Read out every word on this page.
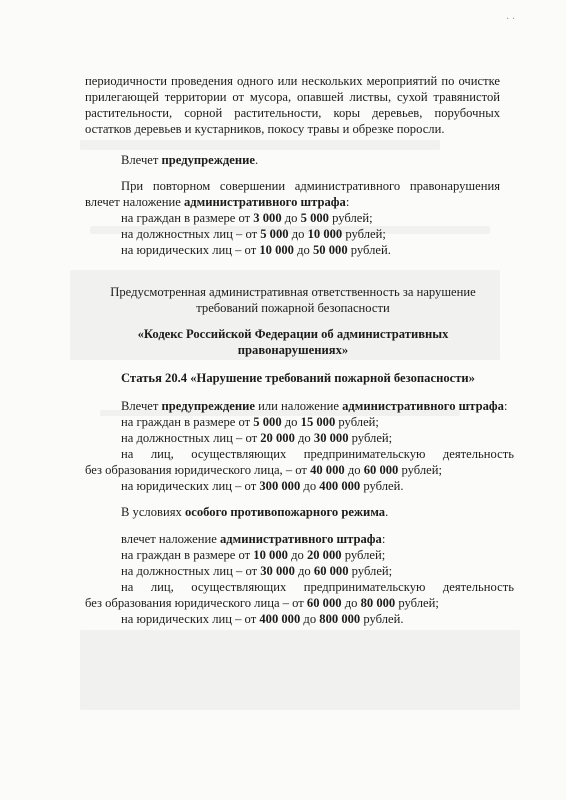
· ·
периодичности проведения одного или нескольких мероприятий по очистке
прилегающей территории от мусора, опавшей листвы, сухой травянистой
растительности, сорной растительности, коры деревьев, порубочных
остатков деревьев и кустарников, покосу травы и обрезке поросли.
Влечет предупреждение.
При повторном совершении административного правонарушения
влечет наложение административного штрафа:
на граждан в размере от 3 000 до 5 000 рублей;
на должностных лиц – от 5 000 до 10 000 рублей;
на юридических лиц – от 10 000 до 50 000 рублей.
Предусмотренная административная ответственность за нарушение
требований пожарной безопасности
«Кодекс Российской Федерации об административных
правонарушениях»
Статья 20.4 «Нарушение требований пожарной безопасности»
Влечет предупреждение или наложение административного штрафа:
на граждан в размере от 5 000 до 15 000 рублей;
на должностных лиц – от 20 000 до 30 000 рублей;
на лиц, осуществляющих предпринимательскую деятельность
без образования юридического лица, – от 40 000 до 60 000 рублей;
на юридических лиц – от 300 000 до 400 000 рублей.
В условиях особого противопожарного режима.
влечет наложение административного штрафа:
на граждан в размере от 10 000 до 20 000 рублей;
на должностных лиц – от 30 000 до 60 000 рублей;
на лиц, осуществляющих предпринимательскую деятельность
без образования юридического лица – от 60 000 до 80 000 рублей;
на юридических лиц – от 400 000 до 800 000 рублей.
